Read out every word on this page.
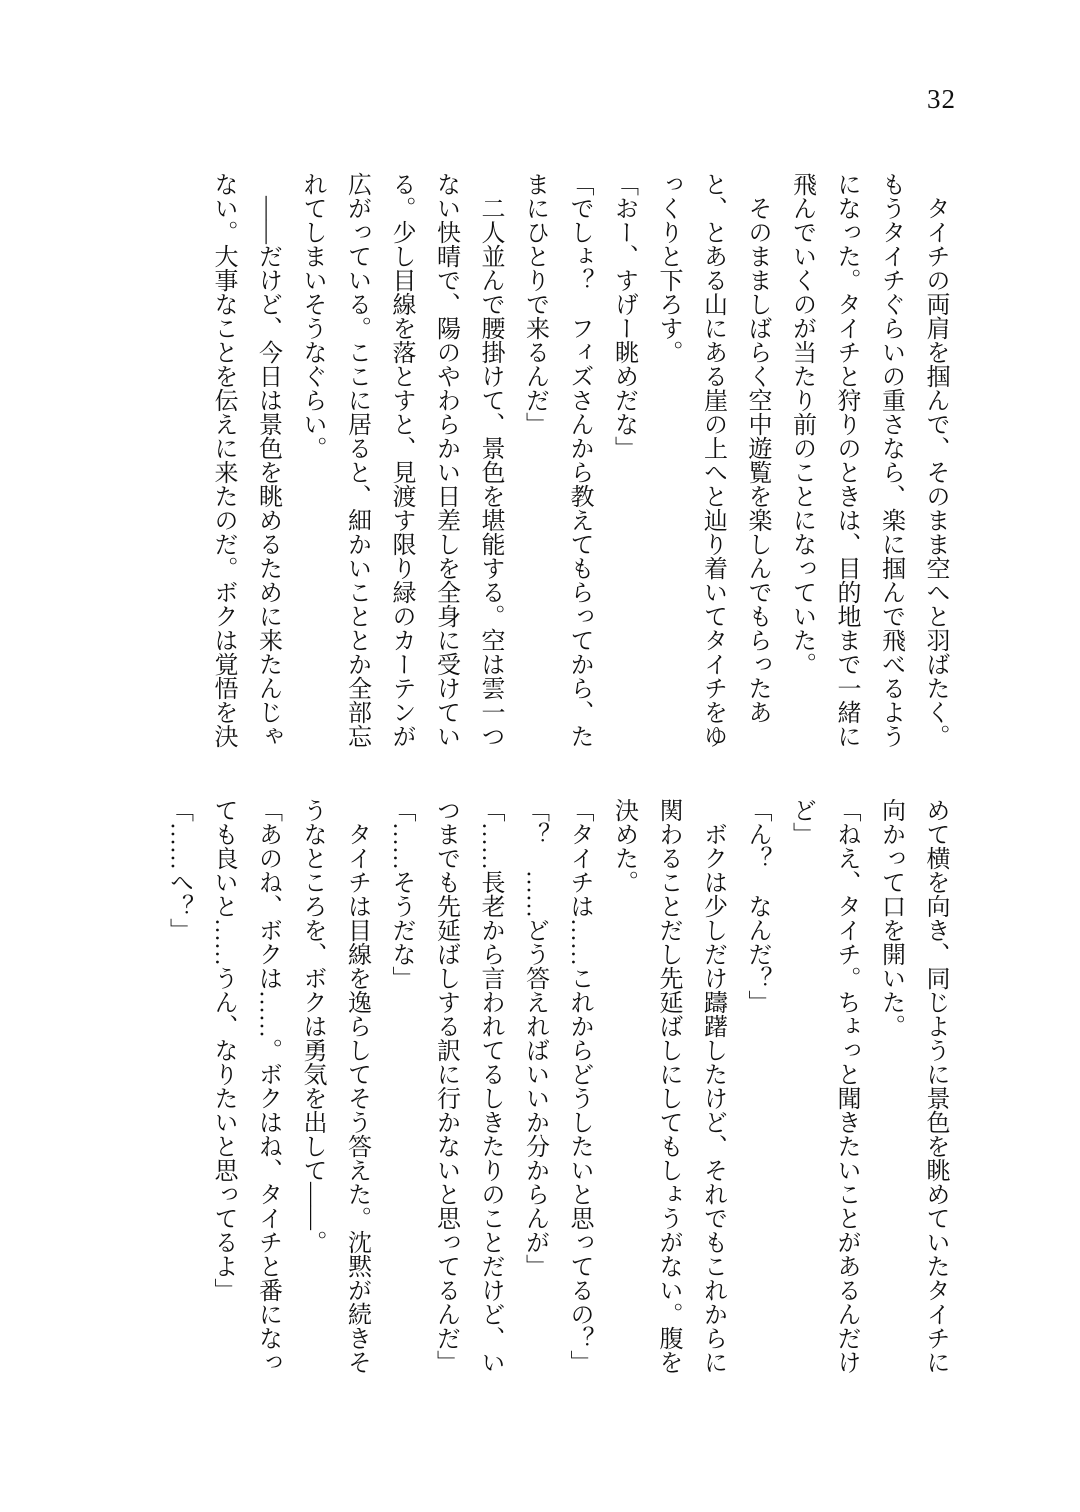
32

　タイチの両肩を掴んで、そのまま空へと羽ばたく。もうタイチぐらいの重さなら、楽に掴んで飛べるようになった。タイチと狩りのときは、目的地まで一緒に飛んでいくのが当たり前のことになっていた。

　そのまましばらく空中遊覧を楽しんでもらったあと、とある山にある崖の上へと辿り着いてタイチをゆっくりと下ろす。

「おー、すげー眺めだな」

「でしょ？　フィズさんから教えてもらってから、たまにひとりで来るんだ」

　二人並んで腰掛けて、景色を堪能する。空は雲一つない快晴で、陽のやわらかい日差しを全身に受けている。少し目線を落とすと、見渡す限り緑のカーテンが広がっている。ここに居ると、細かいこととか全部忘れてしまいそうなぐらい。

　――だけど、今日は景色を眺めるために来たんじゃない。大事なことを伝えに来たのだ。ボクは覚悟を決

めて横を向き、同じように景色を眺めていたタイチに向かって口を開いた。

「ねえ、タイチ。ちょっと聞きたいことがあるんだけど」

「ん？　なんだ？」

　ボクは少しだけ躊躇したけど、それでもこれからに関わることだし先延ばしにしてもしょうがない。腹を決めた。

「タイチは……これからどうしたいと思ってるの？」

「？　……どう答えればいいか分からんが」

「……長老から言われてるしきたりのことだけど、いつまでも先延ばしする訳に行かないと思ってるんだ」

「……そうだな」

　タイチは目線を逸らしてそう答えた。沈黙が続きそうなところを、ボクは勇気を出して――。

「あのね、ボクは……。ボクはね、タイチと番になっても良いと……うん、なりたいと思ってるよ」

「……へ？」
